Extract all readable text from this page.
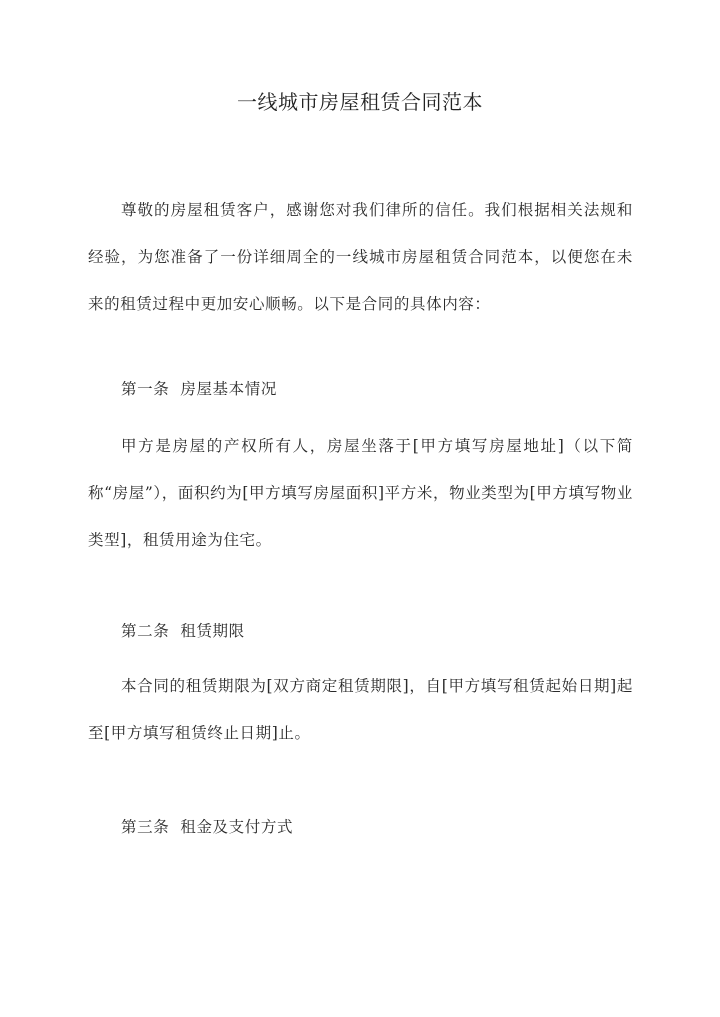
一线城市房屋租赁合同范本

尊敬的房屋租赁客户，感谢您对我们律所的信任。我们根据相关法规和经验，为您准备了一份详细周全的一线城市房屋租赁合同范本，以便您在未来的租赁过程中更加安心顺畅。以下是合同的具体内容：

第一条  房屋基本情况

甲方是房屋的产权所有人，房屋坐落于[甲方填写房屋地址]（以下简称“房屋”），面积约为[甲方填写房屋面积]平方米，物业类型为[甲方填写物业类型]，租赁用途为住宅。

第二条  租赁期限

本合同的租赁期限为[双方商定租赁期限]，自[甲方填写租赁起始日期]起至[甲方填写租赁终止日期]止。

第三条  租金及支付方式
